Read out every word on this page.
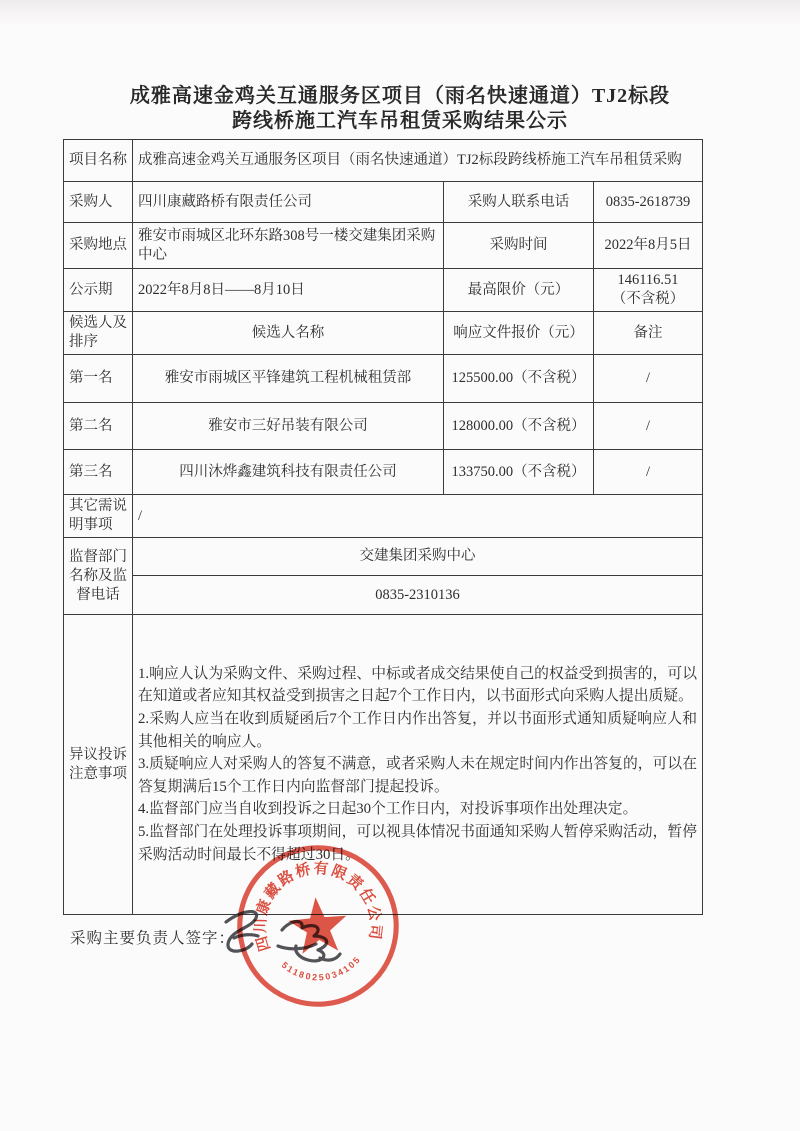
成雅高速金鸡关互通服务区项目（雨名快速通道）TJ2标段
跨线桥施工汽车吊租赁采购结果公示
项目名称	成雅高速金鸡关互通服务区项目（雨名快速通道）TJ2标段跨线桥施工汽车吊租赁采购		
采购人	四川康藏路桥有限责任公司	采购人联系电话	0835-2618739
采购地点	雅安市雨城区北环东路308号一楼交建集团采购中心	采购时间	2022年8月5日
公示期	2022年8月8日——8月10日	最高限价（元）	146116.51
（不含税）

候选人及排序	候选人名称	响应文件报价（元）	备注
第一名	雅安市雨城区平锋建筑工程机械租赁部	125500.00（不含税）	/
第二名	雅安市三好吊装有限公司	128000.00（不含税）	/
第三名	四川沐烨鑫建筑科技有限责任公司	133750.00（不含税）	/
其它需说明事项	/		
监督部门名称及监督电话	交建集团采购中心		
	0835-2310136		
异议投诉注意事项	1.响应人认为采购文件、采购过程、中标或者成交结果使自己的权益受到损害的，可以在知道或者应知其权益受到损害之日起7个工作日内，以书面形式向采购人提出质疑。
2.采购人应当在收到质疑函后7个工作日内作出答复，并以书面形式通知质疑响应人和其他相关的响应人。
3.质疑响应人对采购人的答复不满意，或者采购人未在规定时间内作出答复的，可以在答复期满后15个工作日内向监督部门提起投诉。
4.监督部门应当自收到投诉之日起30个工作日内，对投诉事项作出处理决定。
5.监督部门在处理投诉事项期间，可以视具体情况书面通知采购人暂停采购活动，暂停采购活动时间最长不得超过30日。		
采购主要负责人签字：	四川康藏路桥有限责任公司
5118025034105
